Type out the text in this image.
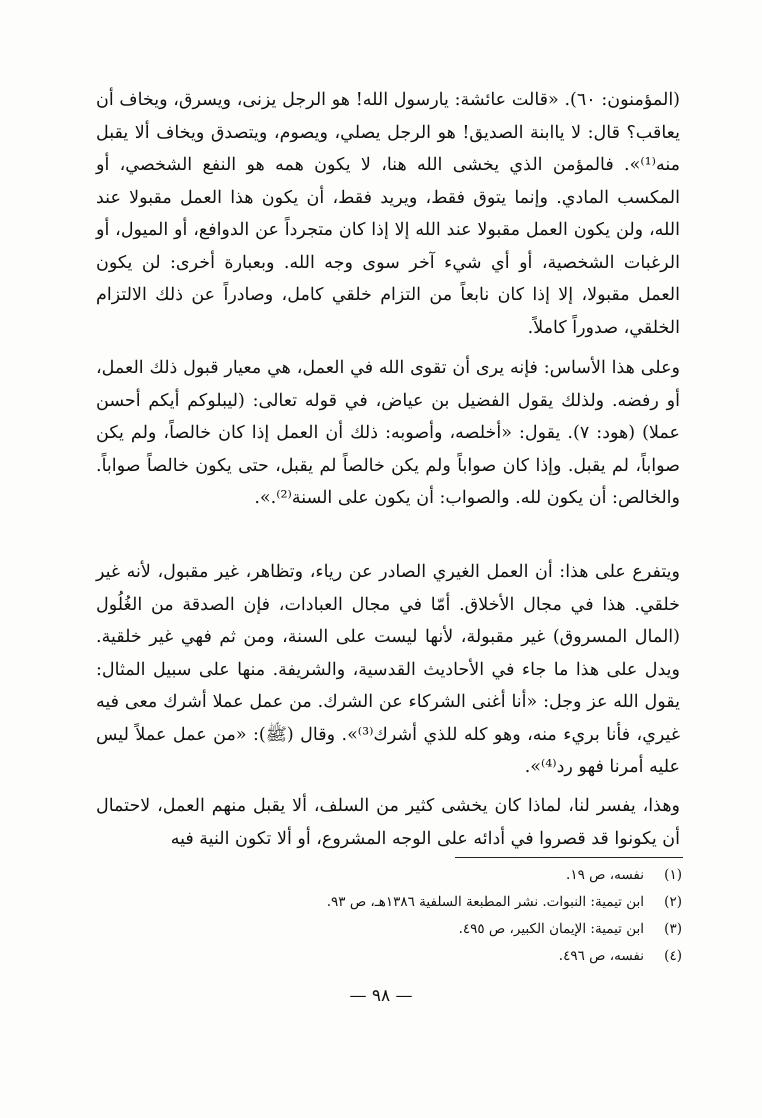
(المؤمنون: ٦٠). «قالت عائشة: يارسول الله! هو الرجل يزنى، ويسرق، ويخاف أن يعاقب؟ قال: لا ياابنة الصديق! هو الرجل يصلي، ويصوم، ويتصدق ويخاف ألا يقبل منه⁽¹⁾». فالمؤمن الذي يخشى الله هنا، لا يكون همه هو النفع الشخصي، أو المكسب المادي. وإنما يتوق فقط، ويريد فقط، أن يكون هذا العمل مقبولا عند الله، ولن يكون العمل مقبولا عند الله إلا إذا كان متجرداً عن الدوافع، أو الميول، أو الرغبات الشخصية، أو أي شيء آخر سوى وجه الله. وبعبارة أخرى: لن يكون العمل مقبولا، إلا إذا كان نابعاً من التزام خلقي كامل، وصادراً عن ذلك الالتزام الخلقي، صدوراً كاملاً.

وعلى هذا الأساس: فإنه يرى أن تقوى الله في العمل، هي معيار قبول ذلك العمل، أو رفضه. ولذلك يقول الفضيل بن عياض، في قوله تعالى: (ليبلوكم أيكم أحسن عملا) (هود: ٧). يقول: «أخلصه، وأصوبه: ذلك أن العمل إذا كان خالصاً، ولم يكن صواباً، لم يقبل. وإذا كان صواباً ولم يكن خالصاً لم يقبل، حتى يكون خالصاً صواباً. والخالص: أن يكون لله. والصواب: أن يكون على السنة⁽²⁾.».

ويتفرع على هذا: أن العمل الغيري الصادر عن رياء، وتظاهر، غير مقبول، لأنه غير خلقي. هذا في مجال الأخلاق. أمّا في مجال العبادات، فإن الصدقة من الغُلُول (المال المسروق) غير مقبولة، لأنها ليست على السنة، ومن ثم فهي غير خلقية. ويدل على هذا ما جاء في الأحاديث القدسية، والشريفة. منها على سبيل المثال: يقول الله عز وجل: «أنا أغنى الشركاء عن الشرك. من عمل عملا أشرك معى فيه غيري، فأنا بريء منه، وهو كله للذي أشرك⁽³⁾». وقال (ﷺ): «من عمل عملاً ليس عليه أمرنا فهو رد⁽⁴⁾».

وهذا، يفسر لنا، لماذا كان يخشى كثير من السلف، ألا يقبل منهم العمل، لاحتمال أن يكونوا قد قصروا في أدائه على الوجه المشروع، أو ألا تكون النية فيه

(١)نفسه، ص ١٩.
(٢)ابن تيمية: النبوات. نشر المطبعة السلفية ١٣٨٦هـ، ص ٩٣.
(٣)ابن تيمية: الإيمان الكبير، ص ٤٩٥.
(٤)نفسه، ص ٤٩٦.
— ٩٨ —
